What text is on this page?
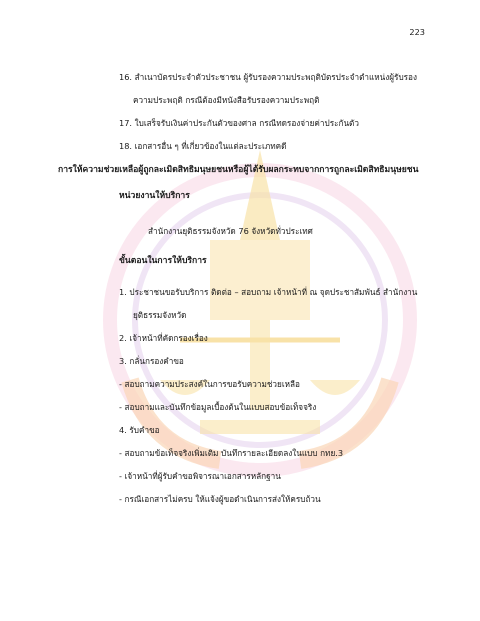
223
16. สำเนาบัตรประจำตัวประชาชน ผู้รับรองความประพฤติบัตรประจำตำแหน่งผู้รับรอง
ความประพฤติ กรณีต้องมีหนังสือรับรองความประพฤติ
17. ใบเสร็จรับเงินค่าประกันตัวของศาล กรณีทดรองจ่ายค่าประกันตัว
18. เอกสารอื่น ๆ ที่เกี่ยวข้องในแต่ละประเภทคดี
การให้ความช่วยเหลือผู้ถูกละเมิดสิทธิมนุษยชนหรือผู้ได้รับผลกระทบจากการถูกละเมิดสิทธิมนุษยชน
หน่วยงานให้บริการ
สำนักงานยุติธรรมจังหวัด 76 จังหวัดทั่วประเทศ
ขั้นตอนในการให้บริการ
1. ประชาชนขอรับบริการ ติดต่อ – สอบถาม เจ้าหน้าที่ ณ จุดประชาสัมพันธ์ สำนักงาน
ยุติธรรมจังหวัด
2. เจ้าหน้าที่คัดกรองเรื่อง
3. กลั่นกรองคำขอ
- สอบถามความประสงค์ในการขอรับความช่วยเหลือ
- สอบถามและบันทึกข้อมูลเบื้องต้นในแบบสอบข้อเท็จจริง
4. รับคำขอ
- สอบถามข้อเท็จจริงเพิ่มเติม บันทึกรายละเอียดลงในแบบ กทย.3
- เจ้าหน้าที่ผู้รับคำขอพิจารณาเอกสารหลักฐาน
- กรณีเอกสารไม่ครบ ให้แจ้งผู้ขอดำเนินการส่งให้ครบถ้วน
